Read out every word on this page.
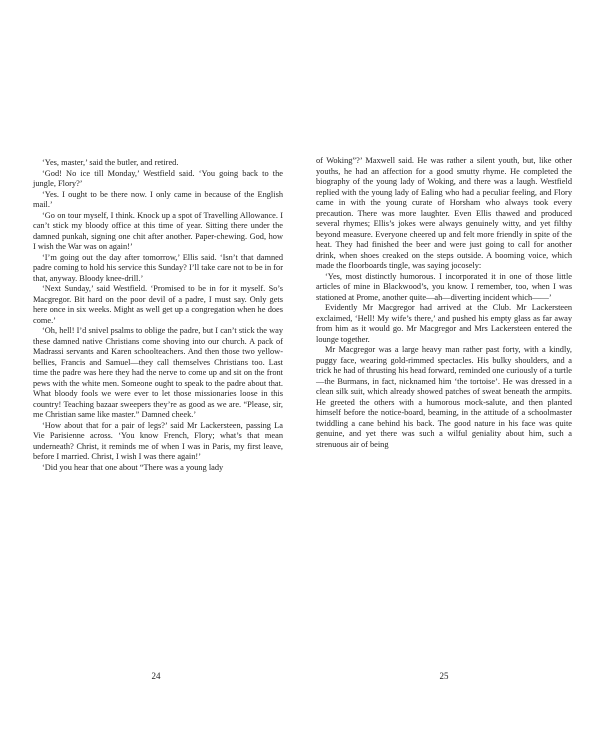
‘Yes, master,’ said the butler, and retired.

‘God! No ice till Monday,’ Westfield said. ‘You going back to the jungle, Flory?’

‘Yes. I ought to be there now. I only came in because of the English mail.’

‘Go on tour myself, I think. Knock up a spot of Travelling Allowance. I can’t stick my bloody office at this time of year. Sitting there under the damned punkah, signing one chit after another. Paper-chewing. God, how I wish the War was on again!’

‘I’m going out the day after tomorrow,’ Ellis said. ‘Isn’t that damned padre coming to hold his service this Sunday? I’ll take care not to be in for that, anyway. Bloody knee-drill.’

‘Next Sunday,’ said Westfield. ‘Promised to be in for it myself. So’s Macgregor. Bit hard on the poor devil of a padre, I must say. Only gets here once in six weeks. Might as well get up a congregation when he does come.’

‘Oh, hell! I’d snivel psalms to oblige the padre, but I can’t stick the way these damned native Christians come shoving into our church. A pack of Madrassi servants and Karen schoolteachers. And then those two yellow-bellies, Francis and Samuel—they call themselves Christians too. Last time the padre was here they had the nerve to come up and sit on the front pews with the white men. Someone ought to speak to the padre about that. What bloody fools we were ever to let those missionaries loose in this country! Teaching bazaar sweepers they’re as good as we are. “Please, sir, me Christian same like master.” Damned cheek.’

‘How about that for a pair of legs?’ said Mr Lackersteen, passing La Vie Parisienne across. ‘You know French, Flory; what’s that mean underneath? Christ, it reminds me of when I was in Paris, my first leave, before I married. Christ, I wish I was there again!’

‘Did you hear that one about “There was a young lady

24

of Woking”?’ Maxwell said. He was rather a silent youth, but, like other youths, he had an affection for a good smutty rhyme. He completed the biography of the young lady of Woking, and there was a laugh. Westfield replied with the young lady of Ealing who had a peculiar feeling, and Flory came in with the young curate of Horsham who always took every precaution. There was more laughter. Even Ellis thawed and produced several rhymes; Ellis’s jokes were always genuinely witty, and yet filthy beyond measure. Everyone cheered up and felt more friendly in spite of the heat. They had finished the beer and were just going to call for another drink, when shoes creaked on the steps outside. A booming voice, which made the floorboards tingle, was saying jocosely:

‘Yes, most distinctly humorous. I incorporated it in one of those little articles of mine in Blackwood’s, you know. I remember, too, when I was stationed at Prome, another quite—ah—diverting incident which——’

Evidently Mr Macgregor had arrived at the Club. Mr Lackersteen exclaimed, ‘Hell! My wife’s there,’ and pushed his empty glass as far away from him as it would go. Mr Macgregor and Mrs Lackersteen entered the lounge together.

Mr Macgregor was a large heavy man rather past forty, with a kindly, puggy face, wearing gold-rimmed spectacles. His bulky shoulders, and a trick he had of thrusting his head forward, reminded one curiously of a turtle—the Burmans, in fact, nicknamed him ‘the tortoise’. He was dressed in a clean silk suit, which already showed patches of sweat beneath the armpits. He greeted the others with a humorous mock-salute, and then planted himself before the notice-board, beaming, in the attitude of a schoolmaster twiddling a cane behind his back. The good nature in his face was quite genuine, and yet there was such a wilful geniality about him, such a strenuous air of being

25
